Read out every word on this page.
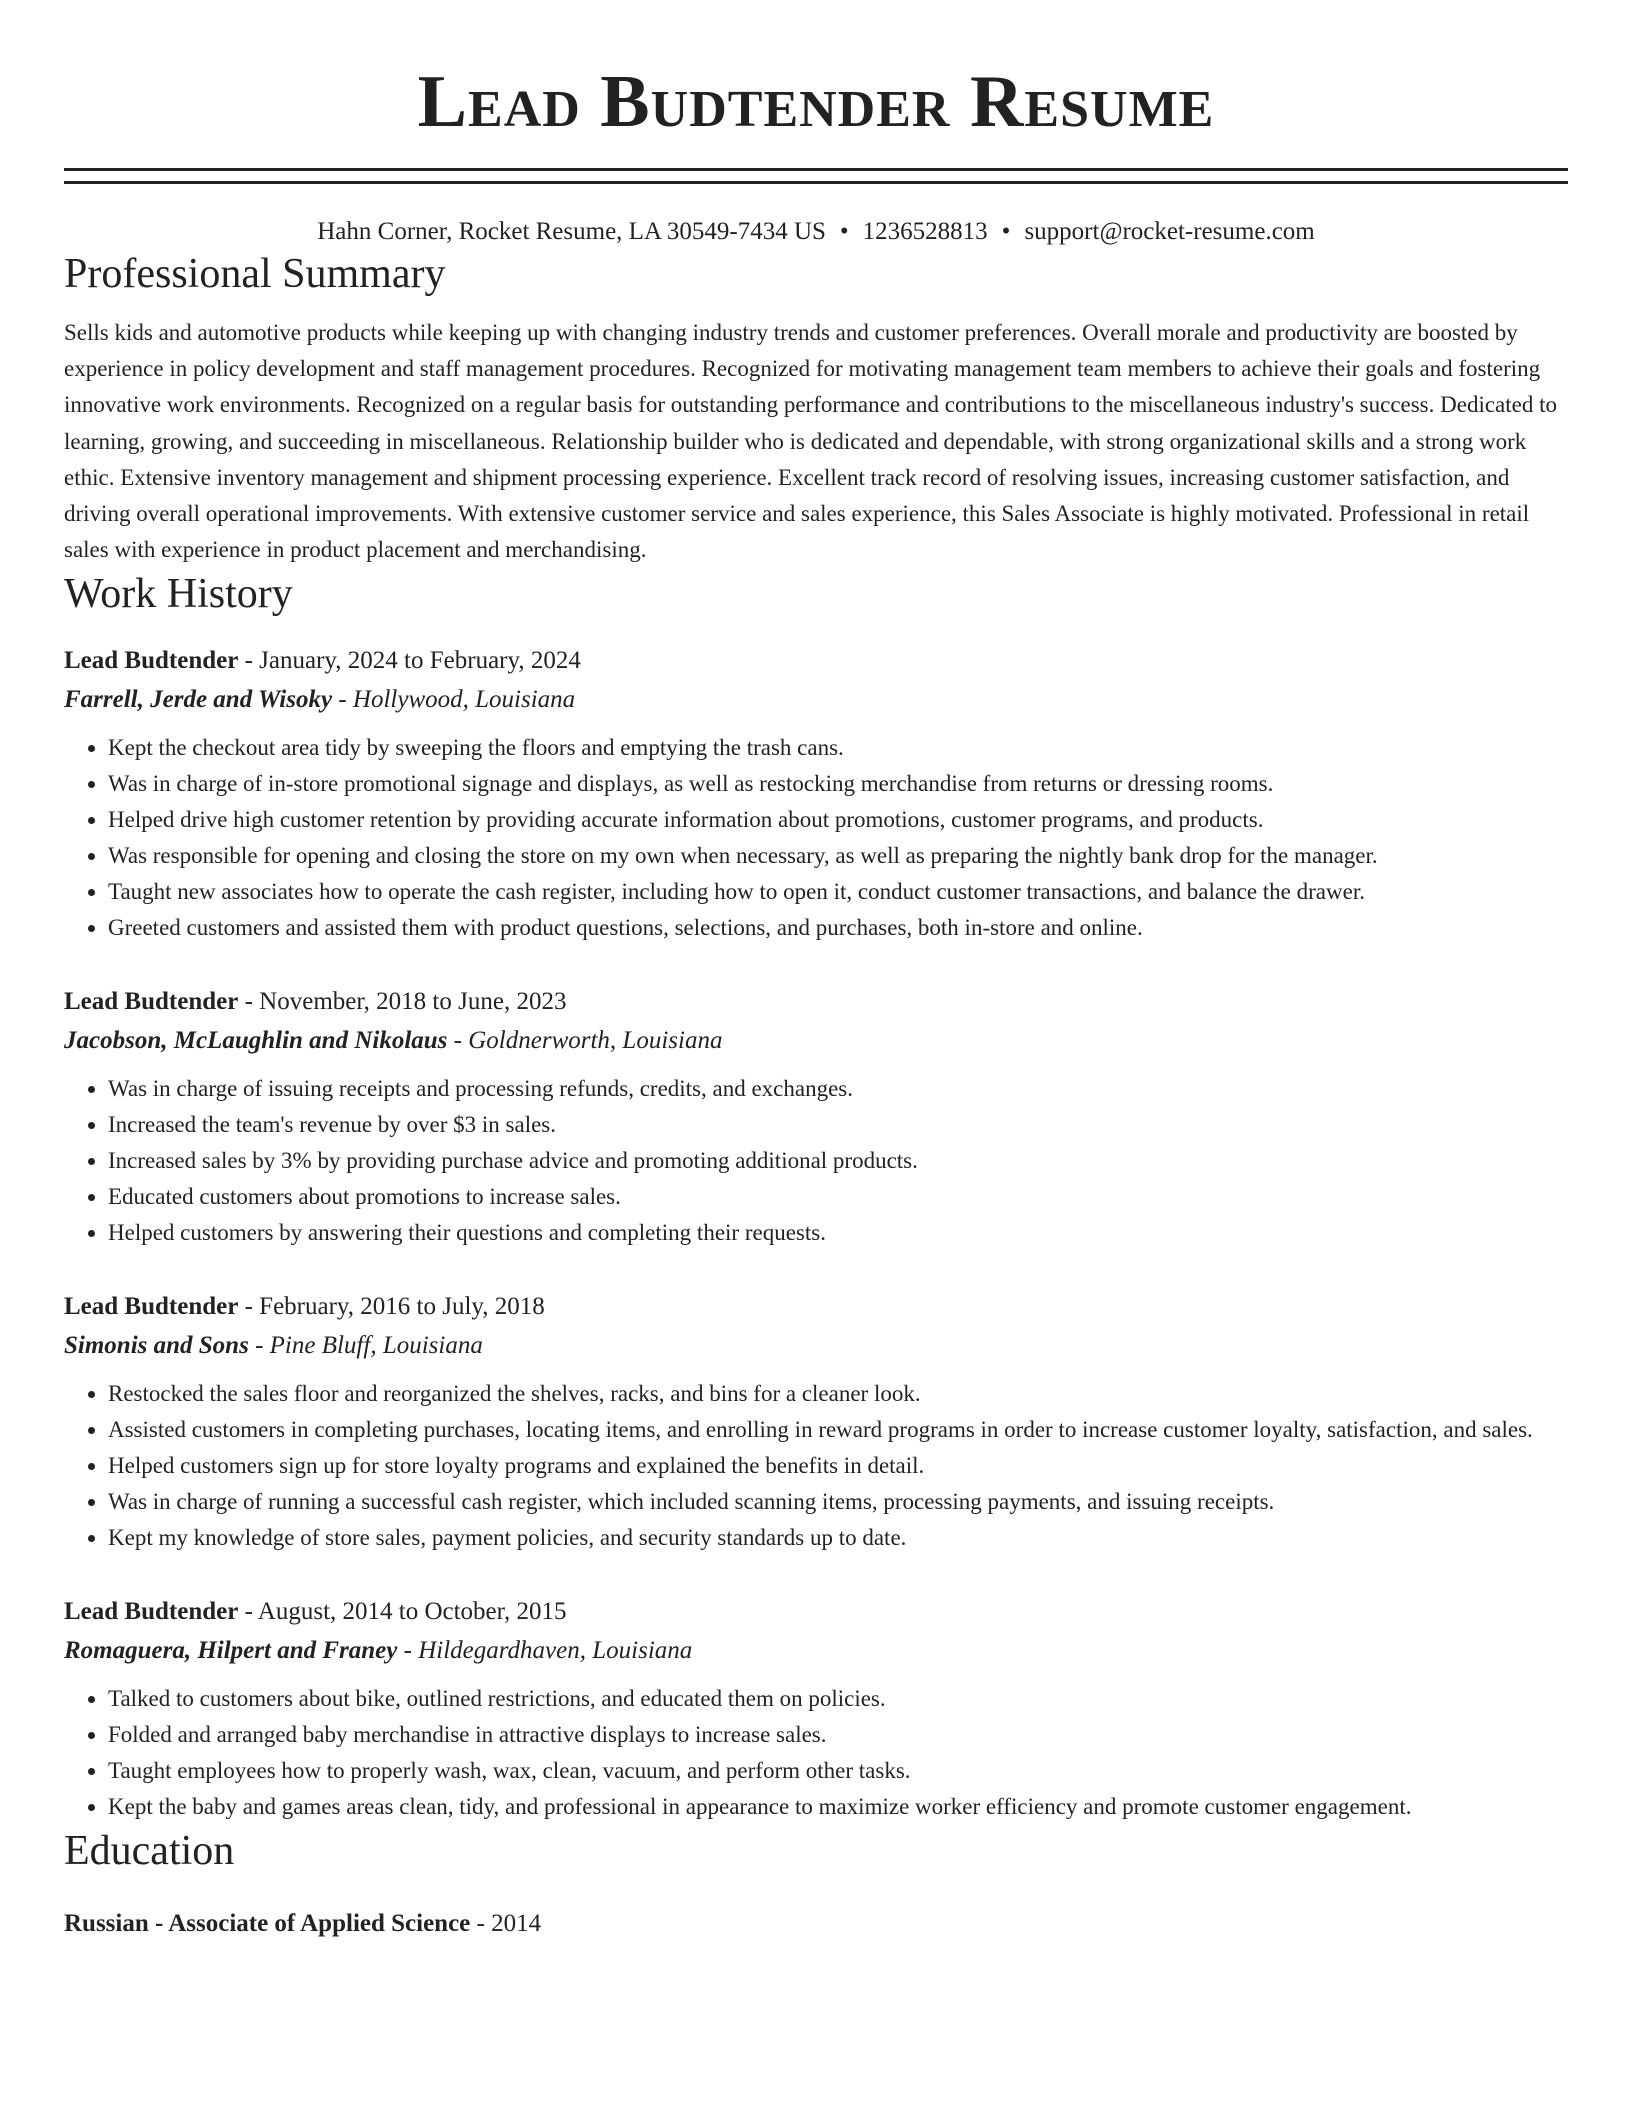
Lead Budtender Resume
Hahn Corner, Rocket Resume, LA 30549-7434 US • 1236528813 • support@rocket-resume.com
Professional Summary

Sells kids and automotive products while keeping up with changing industry trends and customer preferences. Overall morale and productivity are boosted by experience in policy development and staff management procedures. Recognized for motivating management team members to achieve their goals and fostering innovative work environments. Recognized on a regular basis for outstanding performance and contributions to the miscellaneous industry's success. Dedicated to learning, growing, and succeeding in miscellaneous. Relationship builder who is dedicated and dependable, with strong organizational skills and a strong work ethic. Extensive inventory management and shipment processing experience. Excellent track record of resolving issues, increasing customer satisfaction, and driving overall operational improvements. With extensive customer service and sales experience, this Sales Associate is highly motivated. Professional in retail sales with experience in product placement and merchandising.

Work History
Lead Budtender - January, 2024 to February, 2024
Farrell, Jerde and Wisoky - Hollywood, Louisiana
• Kept the checkout area tidy by sweeping the floors and emptying the trash cans.
• Was in charge of in-store promotional signage and displays, as well as restocking merchandise from returns or dressing rooms.
• Helped drive high customer retention by providing accurate information about promotions, customer programs, and products.
• Was responsible for opening and closing the store on my own when necessary, as well as preparing the nightly bank drop for the manager.
• Taught new associates how to operate the cash register, including how to open it, conduct customer transactions, and balance the drawer.
• Greeted customers and assisted them with product questions, selections, and purchases, both in-store and online.
Lead Budtender - November, 2018 to June, 2023
Jacobson, McLaughlin and Nikolaus - Goldnerworth, Louisiana
• Was in charge of issuing receipts and processing refunds, credits, and exchanges.
• Increased the team's revenue by over $3 in sales.
• Increased sales by 3% by providing purchase advice and promoting additional products.
• Educated customers about promotions to increase sales.
• Helped customers by answering their questions and completing their requests.
Lead Budtender - February, 2016 to July, 2018
Simonis and Sons - Pine Bluff, Louisiana
• Restocked the sales floor and reorganized the shelves, racks, and bins for a cleaner look.
• Assisted customers in completing purchases, locating items, and enrolling in reward programs in order to increase customer loyalty, satisfaction, and sales.
• Helped customers sign up for store loyalty programs and explained the benefits in detail.
• Was in charge of running a successful cash register, which included scanning items, processing payments, and issuing receipts.
• Kept my knowledge of store sales, payment policies, and security standards up to date.
Lead Budtender - August, 2014 to October, 2015
Romaguera, Hilpert and Franey - Hildegardhaven, Louisiana
• Talked to customers about bike, outlined restrictions, and educated them on policies.
• Folded and arranged baby merchandise in attractive displays to increase sales.
• Taught employees how to properly wash, wax, clean, vacuum, and perform other tasks.
• Kept the baby and games areas clean, tidy, and professional in appearance to maximize worker efficiency and promote customer engagement.
Education
Russian - Associate of Applied Science - 2014
